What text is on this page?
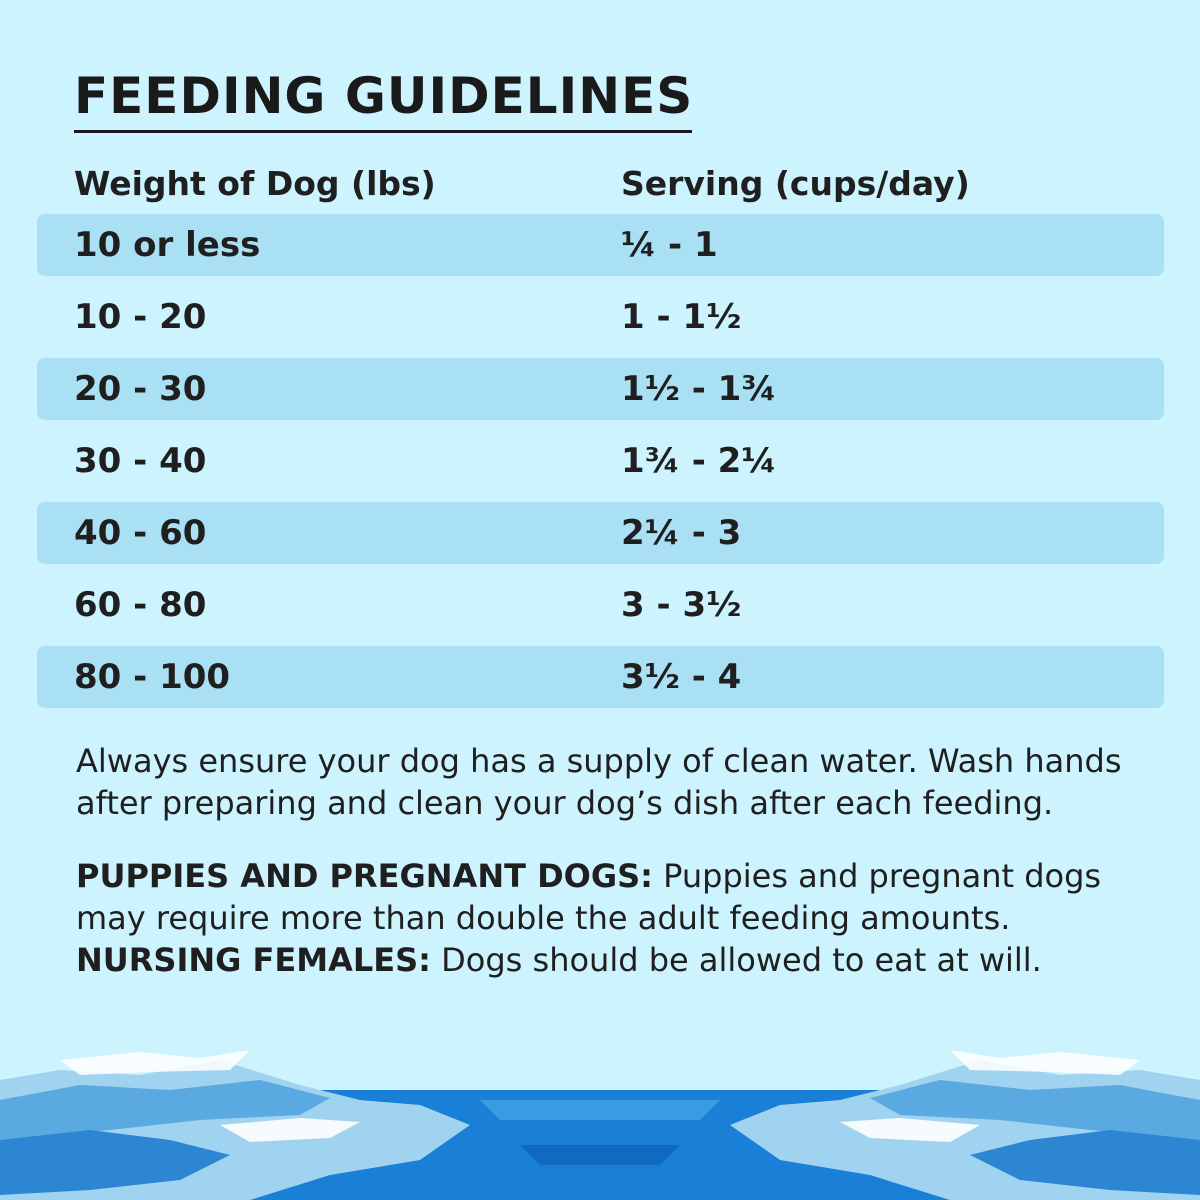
FEEDING GUIDELINES
Weight of Dog (lbs)	Serving (cups/day)
10 or less	¼ - 1
10 - 20	1 - 1½
20 - 30	1½ - 1¾
30 - 40	1¾ - 2¼
40 - 60	2¼ - 3
60 - 80	3 - 3½
80 - 100	3½ - 4

Always ensure your dog has a supply of clean water. Wash hands after preparing and clean your dog’s dish after each feeding.

PUPPIES AND PREGNANT DOGS: Puppies and pregnant dogs may require more than double the adult feeding amounts.
NURSING FEMALES: Dogs should be allowed to eat at will.
